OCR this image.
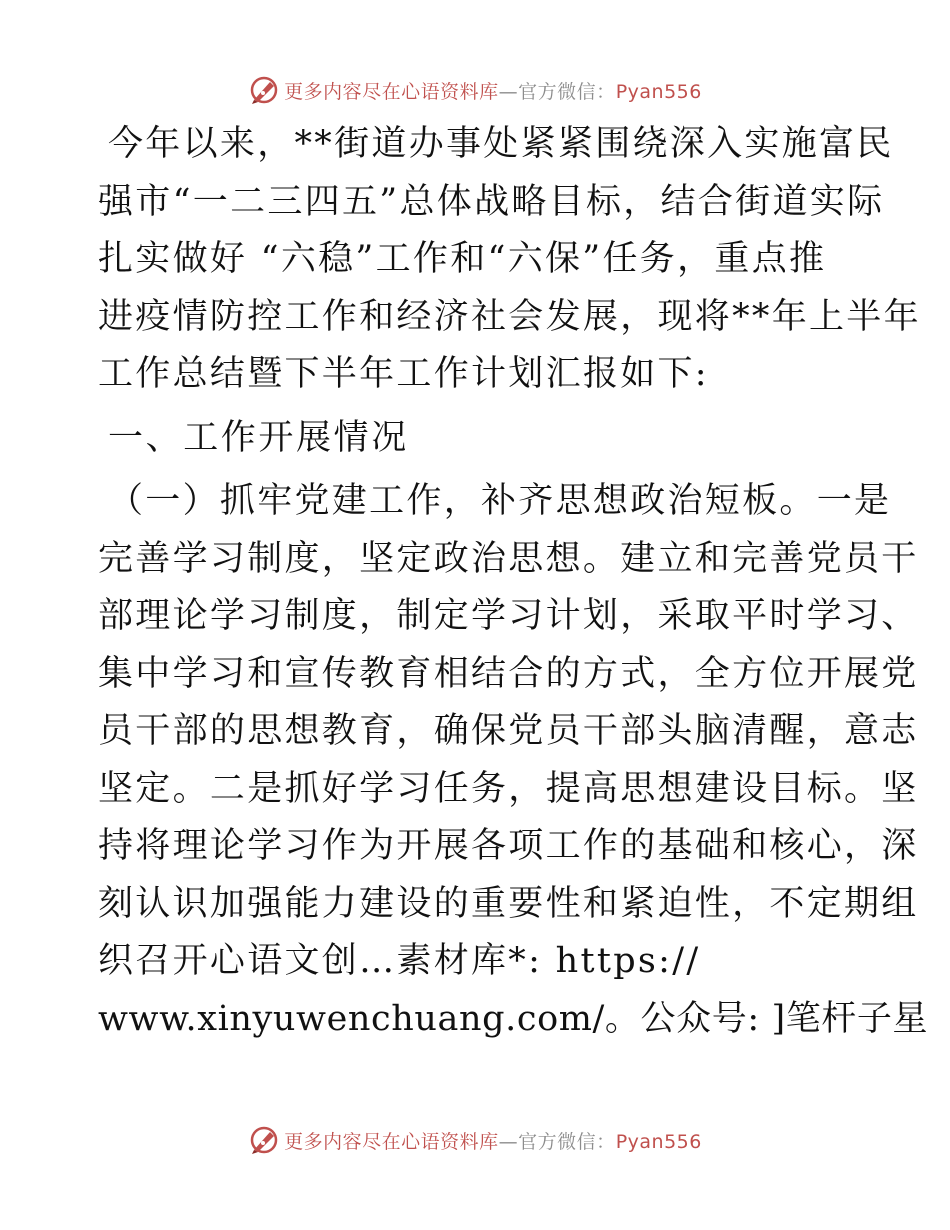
更多内容尽在心语资料库—官方微信：Pyan556
今年以来，**街道办事处紧紧围绕深入实施富民
强市“一二三四五”总体战略目标，结合街道实际
扎实做好 “六稳”工作和“六保”任务，重点推
进疫情防控工作和经济社会发展，现将**年上半年
工作总结暨下半年工作计划汇报如下:
一、工作开展情况
（一）抓牢党建工作，补齐思想政治短板。一是
完善学习制度，坚定政治思想。建立和完善党员干
部理论学习制度，制定学习计划，采取平时学习、
集中学习和宣传教育相结合的方式，全方位开展党
员干部的思想教育，确保党员干部头脑清醒，意志
坚定。二是抓好学习任务，提高思想建设目标。坚
持将理论学习作为开展各项工作的基础和核心，深
刻认识加强能力建设的重要性和紧迫性，不定期组
织召开心语文创…素材库*: https://
www.xinyuwenchuang.com/。公众号: ]笔杆子星
更多内容尽在心语资料库—官方微信：Pyan556
